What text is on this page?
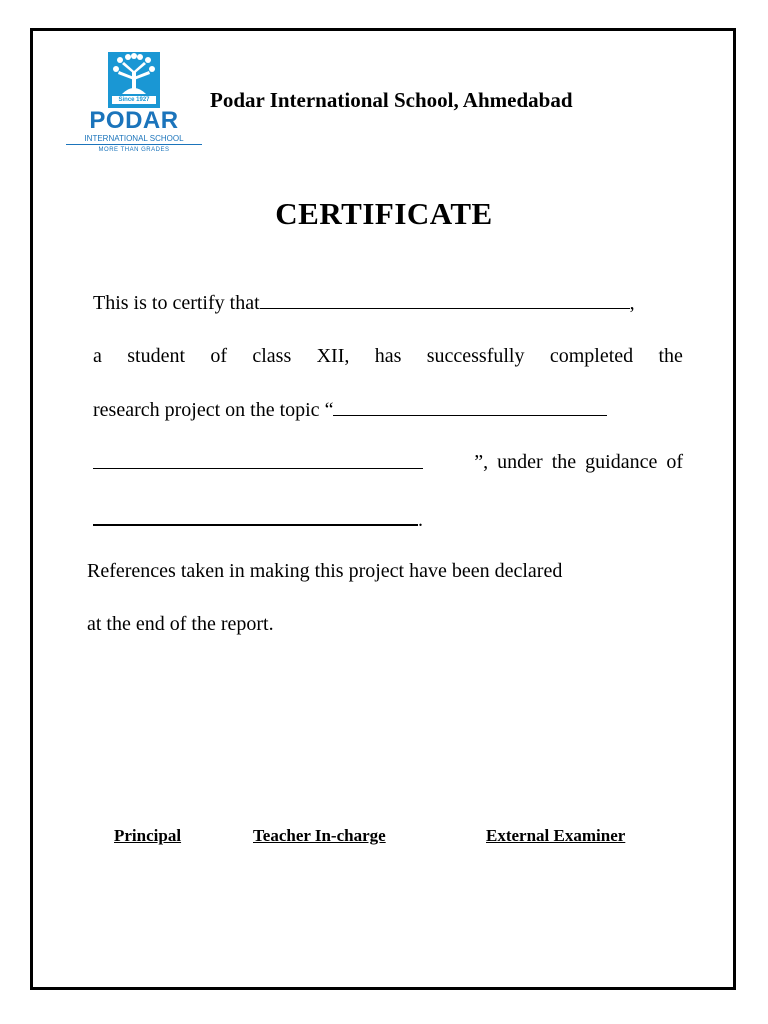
Since 1927
PODAR
INTERNATIONAL SCHOOL
MORE THAN GRADES
Podar International School, Ahmedabad
CERTIFICATE
This is to certify that	,
a student of class XII, has successfully completed the
research project on the topic “
”, under the guidance of
.
References taken in making this project have been declared
at the end of the report.
Principal	Teacher In-charge	External Examiner
